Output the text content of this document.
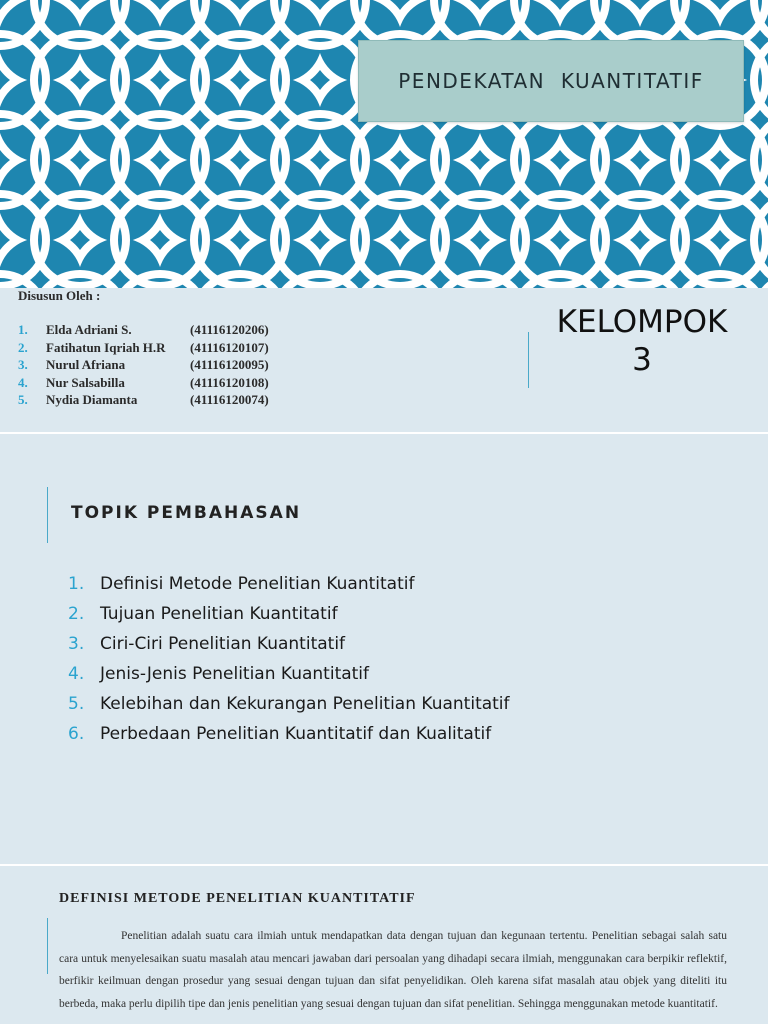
PENDEKATAN  KUANTITATIF
Disusun Oleh :
1. Elda Adriani S.	(41116120206)
2. Fatihatun Iqriah H.R (41116120107)
3. Nurul Afriana	(41116120095)
4. Nur Salsabilla	(41116120108)
5. Nydia Diamanta	(41116120074)
KELOMPOK
3
TOPIK PEMBAHASAN
1. Definisi Metode Penelitian Kuantitatif
2. Tujuan Penelitian Kuantitatif
3. Ciri-Ciri Penelitian Kuantitatif
4. Jenis-Jenis Penelitian Kuantitatif
5. Kelebihan dan Kekurangan Penelitian Kuantitatif
6. Perbedaan Penelitian Kuantitatif dan Kualitatif
DEFINISI METODE PENELITIAN KUANTITATIF
Penelitian adalah suatu cara ilmiah untuk mendapatkan data dengan tujuan dan kegunaan tertentu. Penelitian sebagai salah satu cara untuk menyelesaikan suatu masalah atau mencari jawaban dari persoalan yang dihadapi secara ilmiah, menggunakan cara berpikir reflektif, berfikir keilmuan dengan prosedur yang sesuai dengan tujuan dan sifat penyelidikan. Oleh karena sifat masalah atau objek yang diteliti itu berbeda, maka perlu dipilih tipe dan jenis penelitian yang sesuai dengan tujuan dan sifat penelitian. Sehingga menggunakan metode kuantitatif.
